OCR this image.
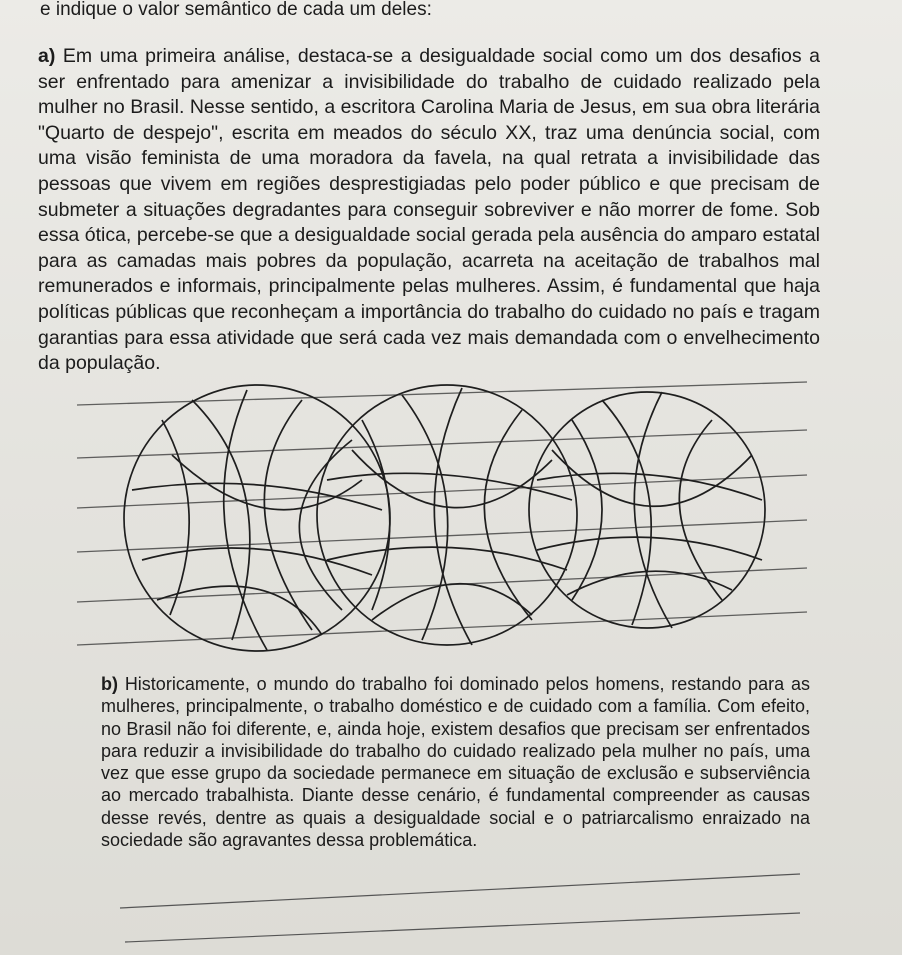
e indique o valor semântico de cada um deles:

a) Em uma primeira análise, destaca-se a desigualdade social como um dos desafios a ser enfrentado para amenizar a invisibilidade do trabalho de cuidado realizado pela mulher no Brasil. Nesse sentido, a escritora Carolina Maria de Jesus, em sua obra literária "Quarto de despejo", escrita em meados do século XX, traz uma denúncia social, com uma visão feminista de uma moradora da favela, na qual retrata a invisibilidade das pessoas que vivem em regiões desprestigiadas pelo poder público e que precisam de submeter a situações degradantes para conseguir sobreviver e não morrer de fome. Sob essa ótica, percebe-se que a desigualdade social gerada pela ausência do amparo estatal para as camadas mais pobres da população, acarreta na aceitação de trabalhos mal remunerados e informais, principalmente pelas mulheres. Assim, é fundamental que haja políticas públicas que reconheçam a importância do trabalho do cuidado no país e tragam garantias para essa atividade que será cada vez mais demandada com o envelhecimento da população.

b) Historicamente, o mundo do trabalho foi dominado pelos homens, restando para as mulheres, principalmente, o trabalho doméstico e de cuidado com a família. Com efeito, no Brasil não foi diferente, e, ainda hoje, existem desafios que precisam ser enfrentados para reduzir a invisibilidade do trabalho do cuidado realizado pela mulher no país, uma vez que esse grupo da sociedade permanece em situação de exclusão e subserviência ao mercado trabalhista. Diante desse cenário, é fundamental compreender as causas desse revés, dentre as quais a desigualdade social e o patriarcalismo enraizado na sociedade são agravantes dessa problemática.
